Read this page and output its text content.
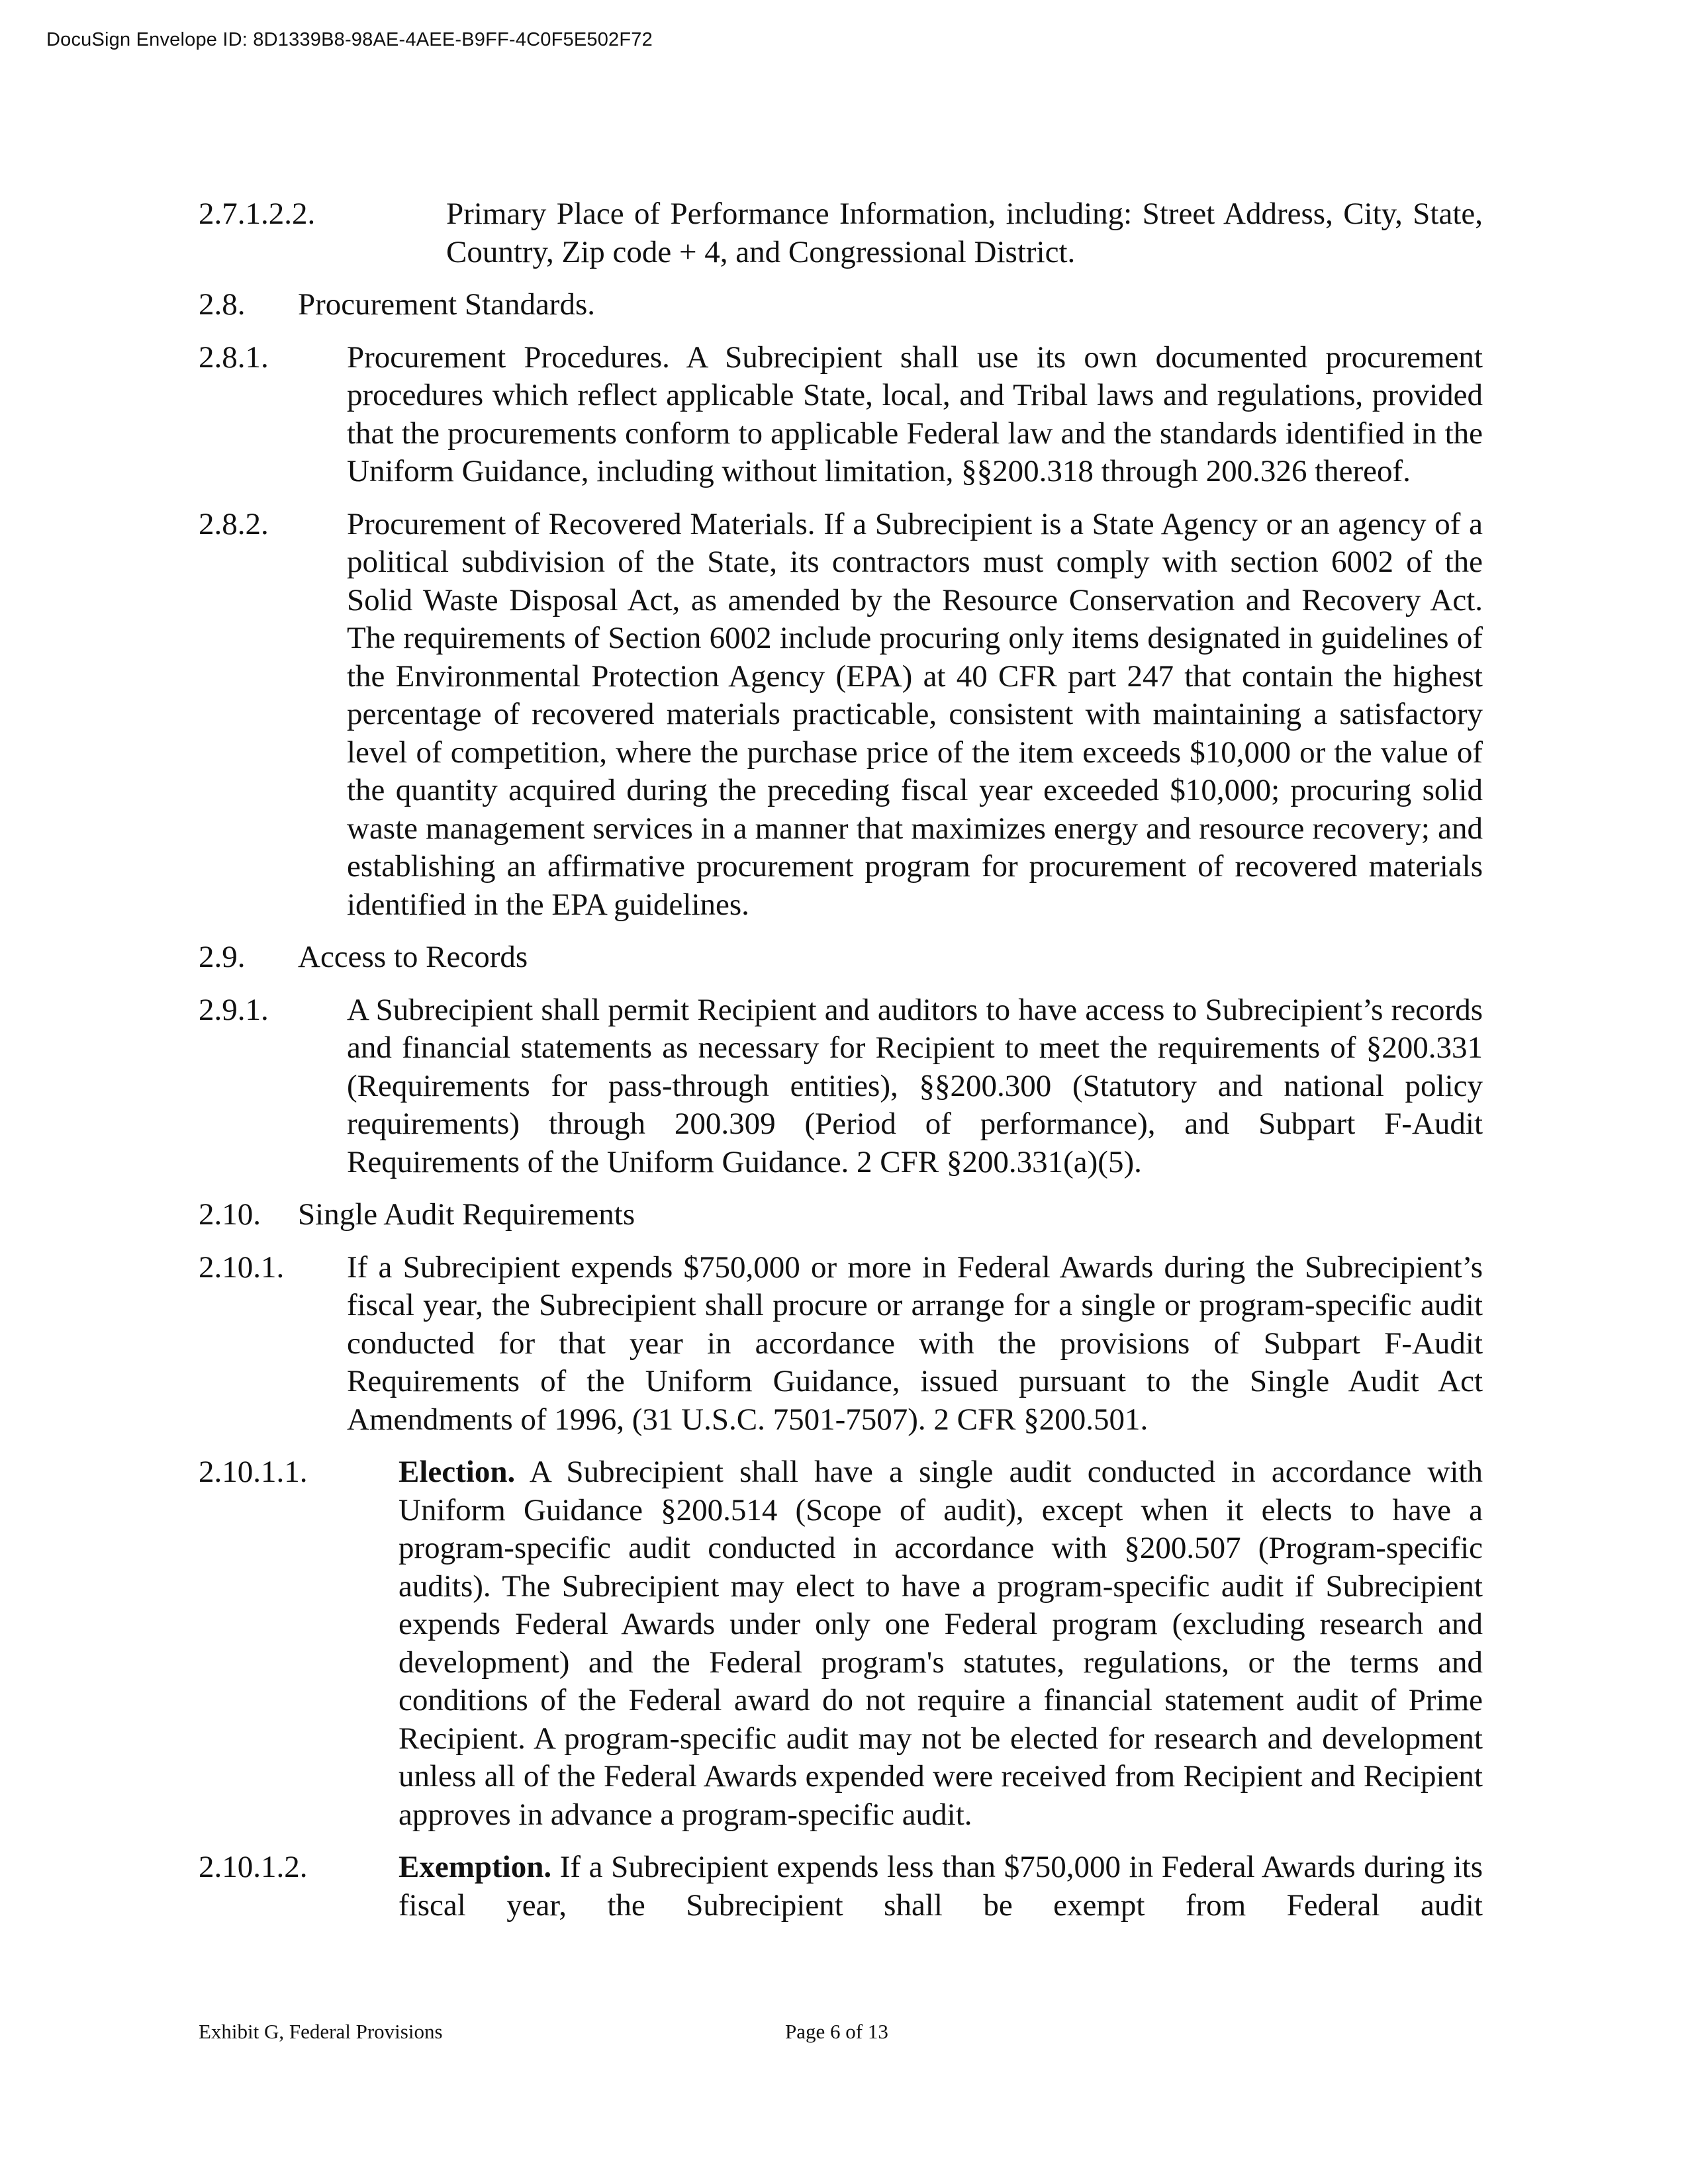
DocuSign Envelope ID: 8D1339B8-98AE-4AEE-B9FF-4C0F5E502F72
2.7.1.2.2.	Primary Place of Performance Information, including: Street Address, City, State, Country, Zip code + 4, and Congressional District.
2.8.	Procurement Standards.
2.8.1.	Procurement Procedures. A Subrecipient shall use its own documented procurement procedures which reflect applicable State, local, and Tribal laws and regulations, provided that the procurements conform to applicable Federal law and the standards identified in the Uniform Guidance, including without limitation, §§200.318 through 200.326 thereof.
2.8.2.	Procurement of Recovered Materials. If a Subrecipient is a State Agency or an agency of a political subdivision of the State, its contractors must comply with section 6002 of the Solid Waste Disposal Act, as amended by the Resource Conservation and Recovery Act. The requirements of Section 6002 include procuring only items designated in guidelines of the Environmental Protection Agency (EPA) at 40 CFR part 247 that contain the highest percentage of recovered materials practicable, consistent with maintaining a satisfactory level of competition, where the purchase price of the item exceeds $10,000 or the value of the quantity acquired during the preceding fiscal year exceeded $10,000; procuring solid waste management services in a manner that maximizes energy and resource recovery; and establishing an affirmative procurement program for procurement of recovered materials identified in the EPA guidelines.
2.9.	Access to Records
2.9.1.	A Subrecipient shall permit Recipient and auditors to have access to Subrecipient’s records and financial statements as necessary for Recipient to meet the requirements of §200.331 (Requirements for pass-through entities), §§200.300 (Statutory and national policy requirements) through 200.309 (Period of performance), and Subpart F-Audit Requirements of the Uniform Guidance. 2 CFR §200.331(a)(5).
2.10.	Single Audit Requirements
2.10.1.	If a Subrecipient expends $750,000 or more in Federal Awards during the Subrecipient’s fiscal year, the Subrecipient shall procure or arrange for a single or program-specific audit conducted for that year in accordance with the provisions of Subpart F-Audit Requirements of the Uniform Guidance, issued pursuant to the Single Audit Act Amendments of 1996, (31 U.S.C. 7501-7507). 2 CFR §200.501.
2.10.1.1.	Election. A Subrecipient shall have a single audit conducted in accordance with Uniform Guidance §200.514 (Scope of audit), except when it elects to have a program-specific audit conducted in accordance with §200.507 (Program-specific audits). The Subrecipient may elect to have a program-specific audit if Subrecipient expends Federal Awards under only one Federal program (excluding research and development) and the Federal program's statutes, regulations, or the terms and conditions of the Federal award do not require a financial statement audit of Prime Recipient. A program-specific audit may not be elected for research and development unless all of the Federal Awards expended were received from Recipient and Recipient approves in advance a program-specific audit.
2.10.1.2.	Exemption. If a Subrecipient expends less than $750,000 in Federal Awards during its fiscal year, the Subrecipient shall be exempt from Federal audit
Exhibit G, Federal Provisions	Page 6 of 13
